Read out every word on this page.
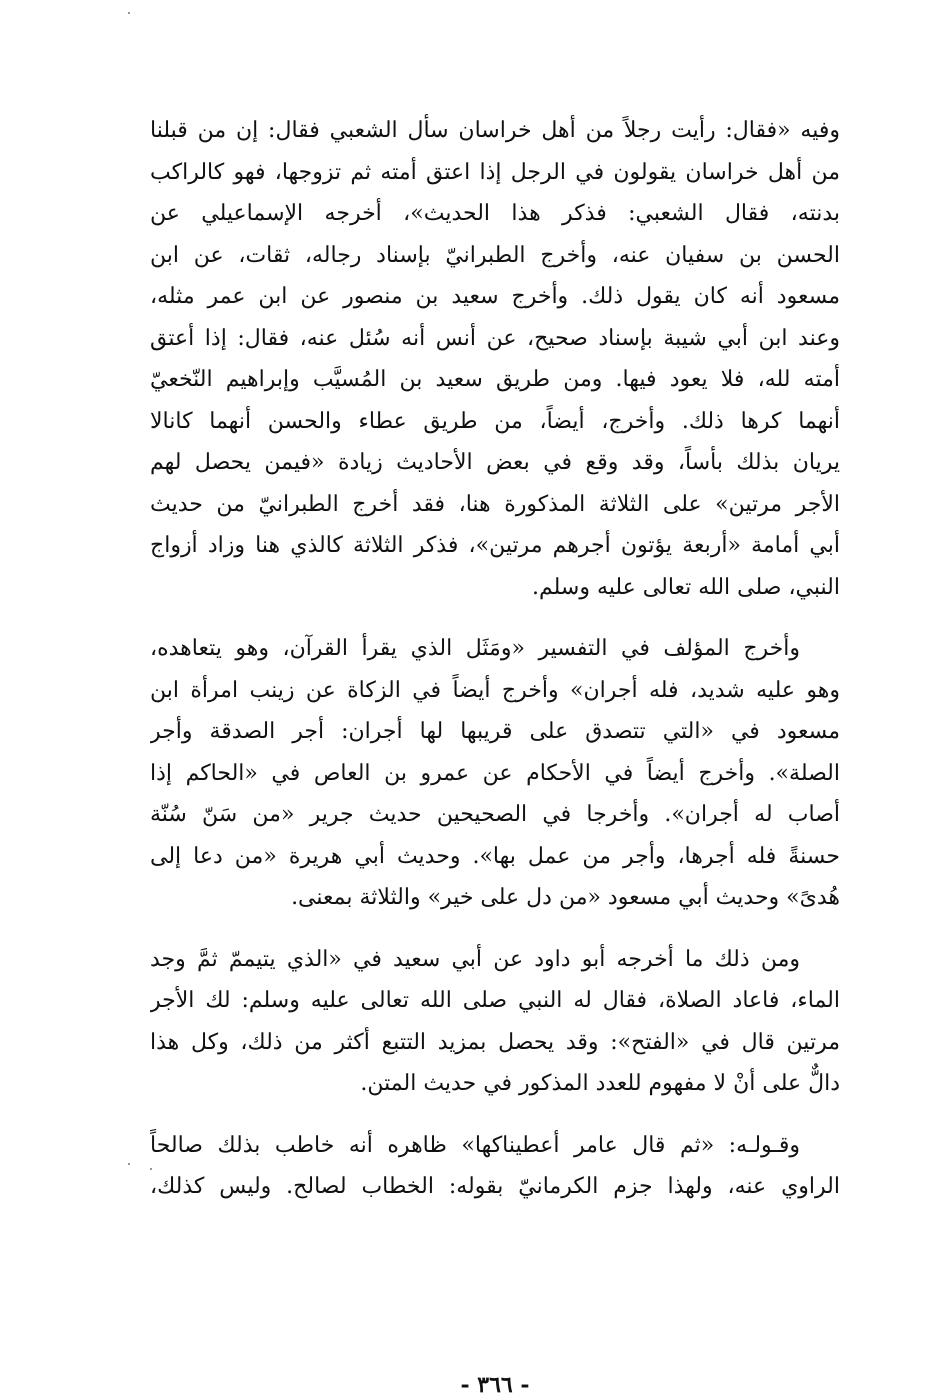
وفيه «فقال: رأيت رجلاً من أهل خراسان سأل الشعبي فقال: إن من قبلنا
من أهل خراسان يقولون في الرجل إذا اعتق أمته ثم تزوجها، فهو كالراكب
بدنته، فقال الشعبي: فذكر هذا الحديث»، أخرجه الإسماعيلي عن
الحسن بن سفيان عنه، وأخرج الطبرانيّ بإسناد رجاله، ثقات، عن ابن
مسعود أنه كان يقول ذلك. وأخرج سعيد بن منصور عن ابن عمر مثله،
وعند ابن أبي شيبة بإسناد صحيح، عن أنس أنه سُئل عنه، فقال: إذا أعتق
أمته لله، فلا يعود فيها. ومن طريق سعيد بن المُسيَّب وإبراهيم النّخعيّ
أنهما كرها ذلك. وأخرج، أيضاً، من طريق عطاء والحسن أنهما كانالا
يريان بذلك بأساً، وقد وقع في بعض الأحاديث زيادة «فيمن يحصل لهم
الأجر مرتين» على الثلاثة المذكورة هنا، فقد أخرج الطبرانيّ من حديث
أبي أمامة «أربعة يؤتون أجرهم مرتين»، فذكر الثلاثة كالذي هنا وزاد أزواج
النبي، صلى الله تعالى عليه وسلم.
وأخرج المؤلف في التفسير «ومَثَل الذي يقرأ القرآن، وهو يتعاهده،
وهو عليه شديد، فله أجران» وأخرج أيضاً في الزكاة عن زينب امرأة ابن
مسعود في «التي تتصدق على قريبها لها أجران: أجر الصدقة وأجر
الصلة». وأخرج أيضاً في الأحكام عن عمرو بن العاص في «الحاكم إذا
أصاب له أجران». وأخرجا في الصحيحين حديث جرير «من سَنّ سُنّة
حسنةً فله أجرها، وأجر من عمل بها». وحديث أبي هريرة «من دعا إلى
هُدىً» وحديث أبي مسعود «من دل على خير» والثلاثة بمعنى.
ومن ذلك ما أخرجه أبو داود عن أبي سعيد في «الذي يتيممّ ثمَّ وجد
الماء، فاعاد الصلاة، فقال له النبي صلى الله تعالى عليه وسلم: لك الأجر
مرتين قال في «الفتح»: وقد يحصل بمزيد التتبع أكثر من ذلك، وكل هذا
دالٌّ على أنْ لا مفهوم للعدد المذكور في حديث المتن.
وقـولـه: «ثم قال عامر أعطيناكها» ظاهره أنه خاطب بذلك صالحاً
الراوي عنه، ولهذا جزم الكرمانيّ بقوله: الخطاب لصالح. وليس كذلك،
- ٣٦٦ -
